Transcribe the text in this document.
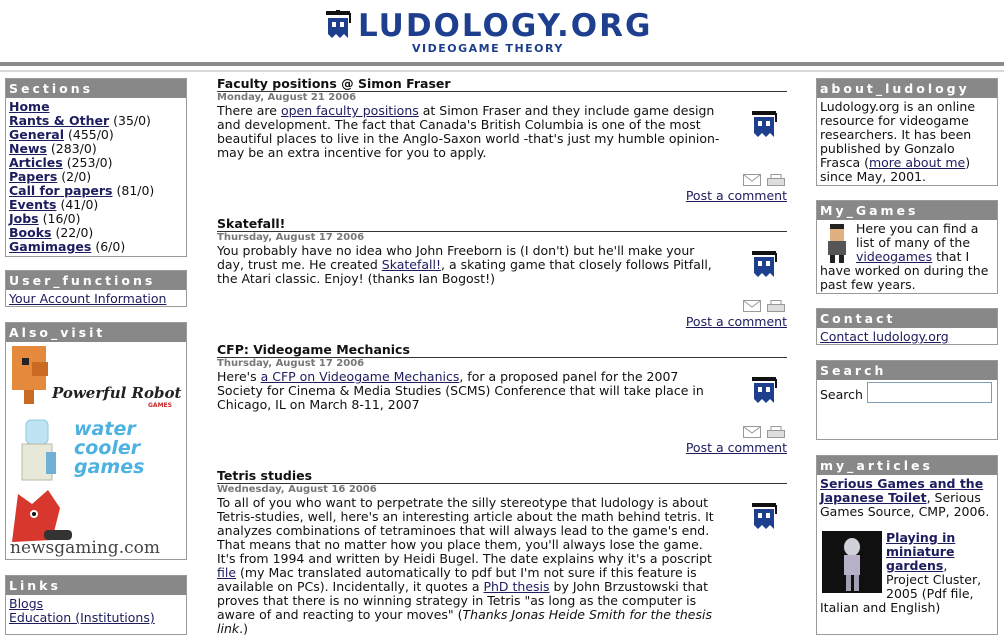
LUDOLOGY.ORG
VIDEOGAME THEORY
Sections
Home
Rants & Other (35/0)
General (455/0)
News (283/0)
Articles (253/0)
Papers (2/0)
Call for papers (81/0)
Events (41/0)
Jobs (16/0)
Books (22/0)
Gamimages (6/0)
User_functions
Your Account Information
Also_visit
Powerful Robot
GAMES
water cooler games
newsgaming.com
Links
Blogs
Education (Institutions)
Faculty positions @ Simon Fraser
Monday, August 21 2006
There are open faculty positions at Simon Fraser and they include game design and development. The fact that Canada's British Columbia is one of the most beautiful places to live in the Anglo-Saxon world -that's just my humble opinion- may be an extra incentive for you to apply.
Post a comment
Skatefall!
Thursday, August 17 2006
You probably have no idea who John Freeborn is (I don't) but he'll make your day, trust me. He created Skatefall!, a skating game that closely follows Pitfall, the Atari classic. Enjoy! (thanks Ian Bogost!)
Post a comment
CFP: Videogame Mechanics
Thursday, August 17 2006
Here's a CFP on Videogame Mechanics, for a proposed panel for the 2007 Society for Cinema & Media Studies (SCMS) Conference that will take place in Chicago, IL on March 8-11, 2007
Post a comment
Tetris studies
Wednesday, August 16 2006
To all of you who want to perpetrate the silly stereotype that ludology is about Tetris-studies, well, here's an interesting article about the math behind tetris. It analyzes combinations of tetraminoes that will always lead to the game's end. That means that no matter how you place them, you'll always lose the game. It's from 1994 and written by Heidi Bugel. The date explains why it's a poscript file (my Mac translated automatically to pdf but I'm not sure if this feature is available on PCs). Incidentally, it quotes a PhD thesis by John Brzustowski that proves that there is no winning strategy in Tetris "as long as the computer is aware of and reacting to your moves" (Thanks Jonas Heide Smith for the thesis link.)
about_ludology
Ludology.org is an online resource for videogame researchers. It has been published by Gonzalo Frasca (more about me) since May, 2001.
My_Games
Here you can find a list of many of the videogames that I have worked on during the past few years.
Contact
Contact ludology.org
Search
Search
my_articles
Serious Games and the Japanese Toilet, Serious Games Source, CMP, 2006.
Playing in miniature gardens, Project Cluster, 2005 (Pdf file, Italian and English)
